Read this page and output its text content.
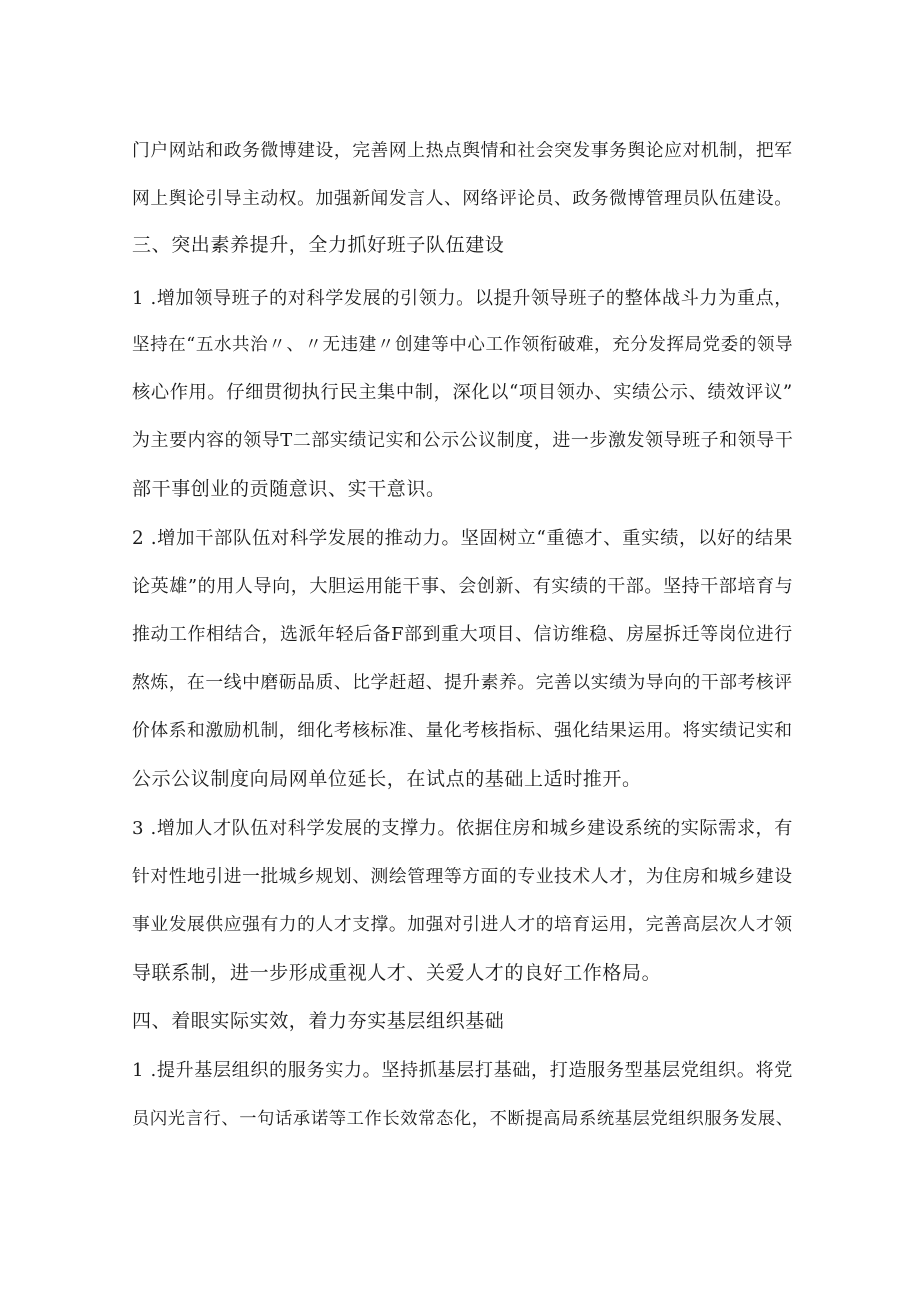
门户网站和政务微博建设，完善网上热点舆情和社会突发事务舆论应对机制，把军
网上舆论引导主动权。加强新闻发言人、网络评论员、政务微博管理员队伍建设。
三、突出素养提升，全力抓好班子队伍建设
1 .增加领导班子的对科学发展的引领力。以提升领导班子的整体战斗力为重点，
坚持在“五水共治〃、〃无违建〃创建等中心工作领衔破难，充分发挥局党委的领导
核心作用。仔细贯彻执行民主集中制，深化以“项目领办、实绩公示、绩效评议”
为主要内容的领导T二部实绩记实和公示公议制度，进一步激发领导班子和领导干
部干事创业的贡随意识、实干意识。
2 .增加干部队伍对科学发展的推动力。坚固树立“重德才、重实绩，以好的结果
论英雄”的用人导向，大胆运用能干事、会创新、有实绩的干部。坚持干部培育与
推动工作相结合，选派年轻后备F部到重大项目、信访维稳、房屋拆迁等岗位进行
熬炼，在一线中磨砺品质、比学赶超、提升素养。完善以实绩为导向的干部考核评
价体系和激励机制，细化考核标准、量化考核指标、强化结果运用。将实绩记实和
公示公议制度向局网单位延长，在试点的基础上适时推开。
3 .增加人才队伍对科学发展的支撑力。依据住房和城乡建设系统的实际需求，有
针对性地引进一批城乡规划、测绘管理等方面的专业技术人才，为住房和城乡建设
事业发展供应强有力的人才支撑。加强对引进人才的培育运用，完善高层次人才领
导联系制，进一步形成重视人才、关爱人才的良好工作格局。
四、着眼实际实效，着力夯实基层组织基础
1 .提升基层组织的服务实力。坚持抓基层打基础，打造服务型基层党组织。将党
员闪光言行、一句话承诺等工作长效常态化，不断提高局系统基层党组织服务发展、
